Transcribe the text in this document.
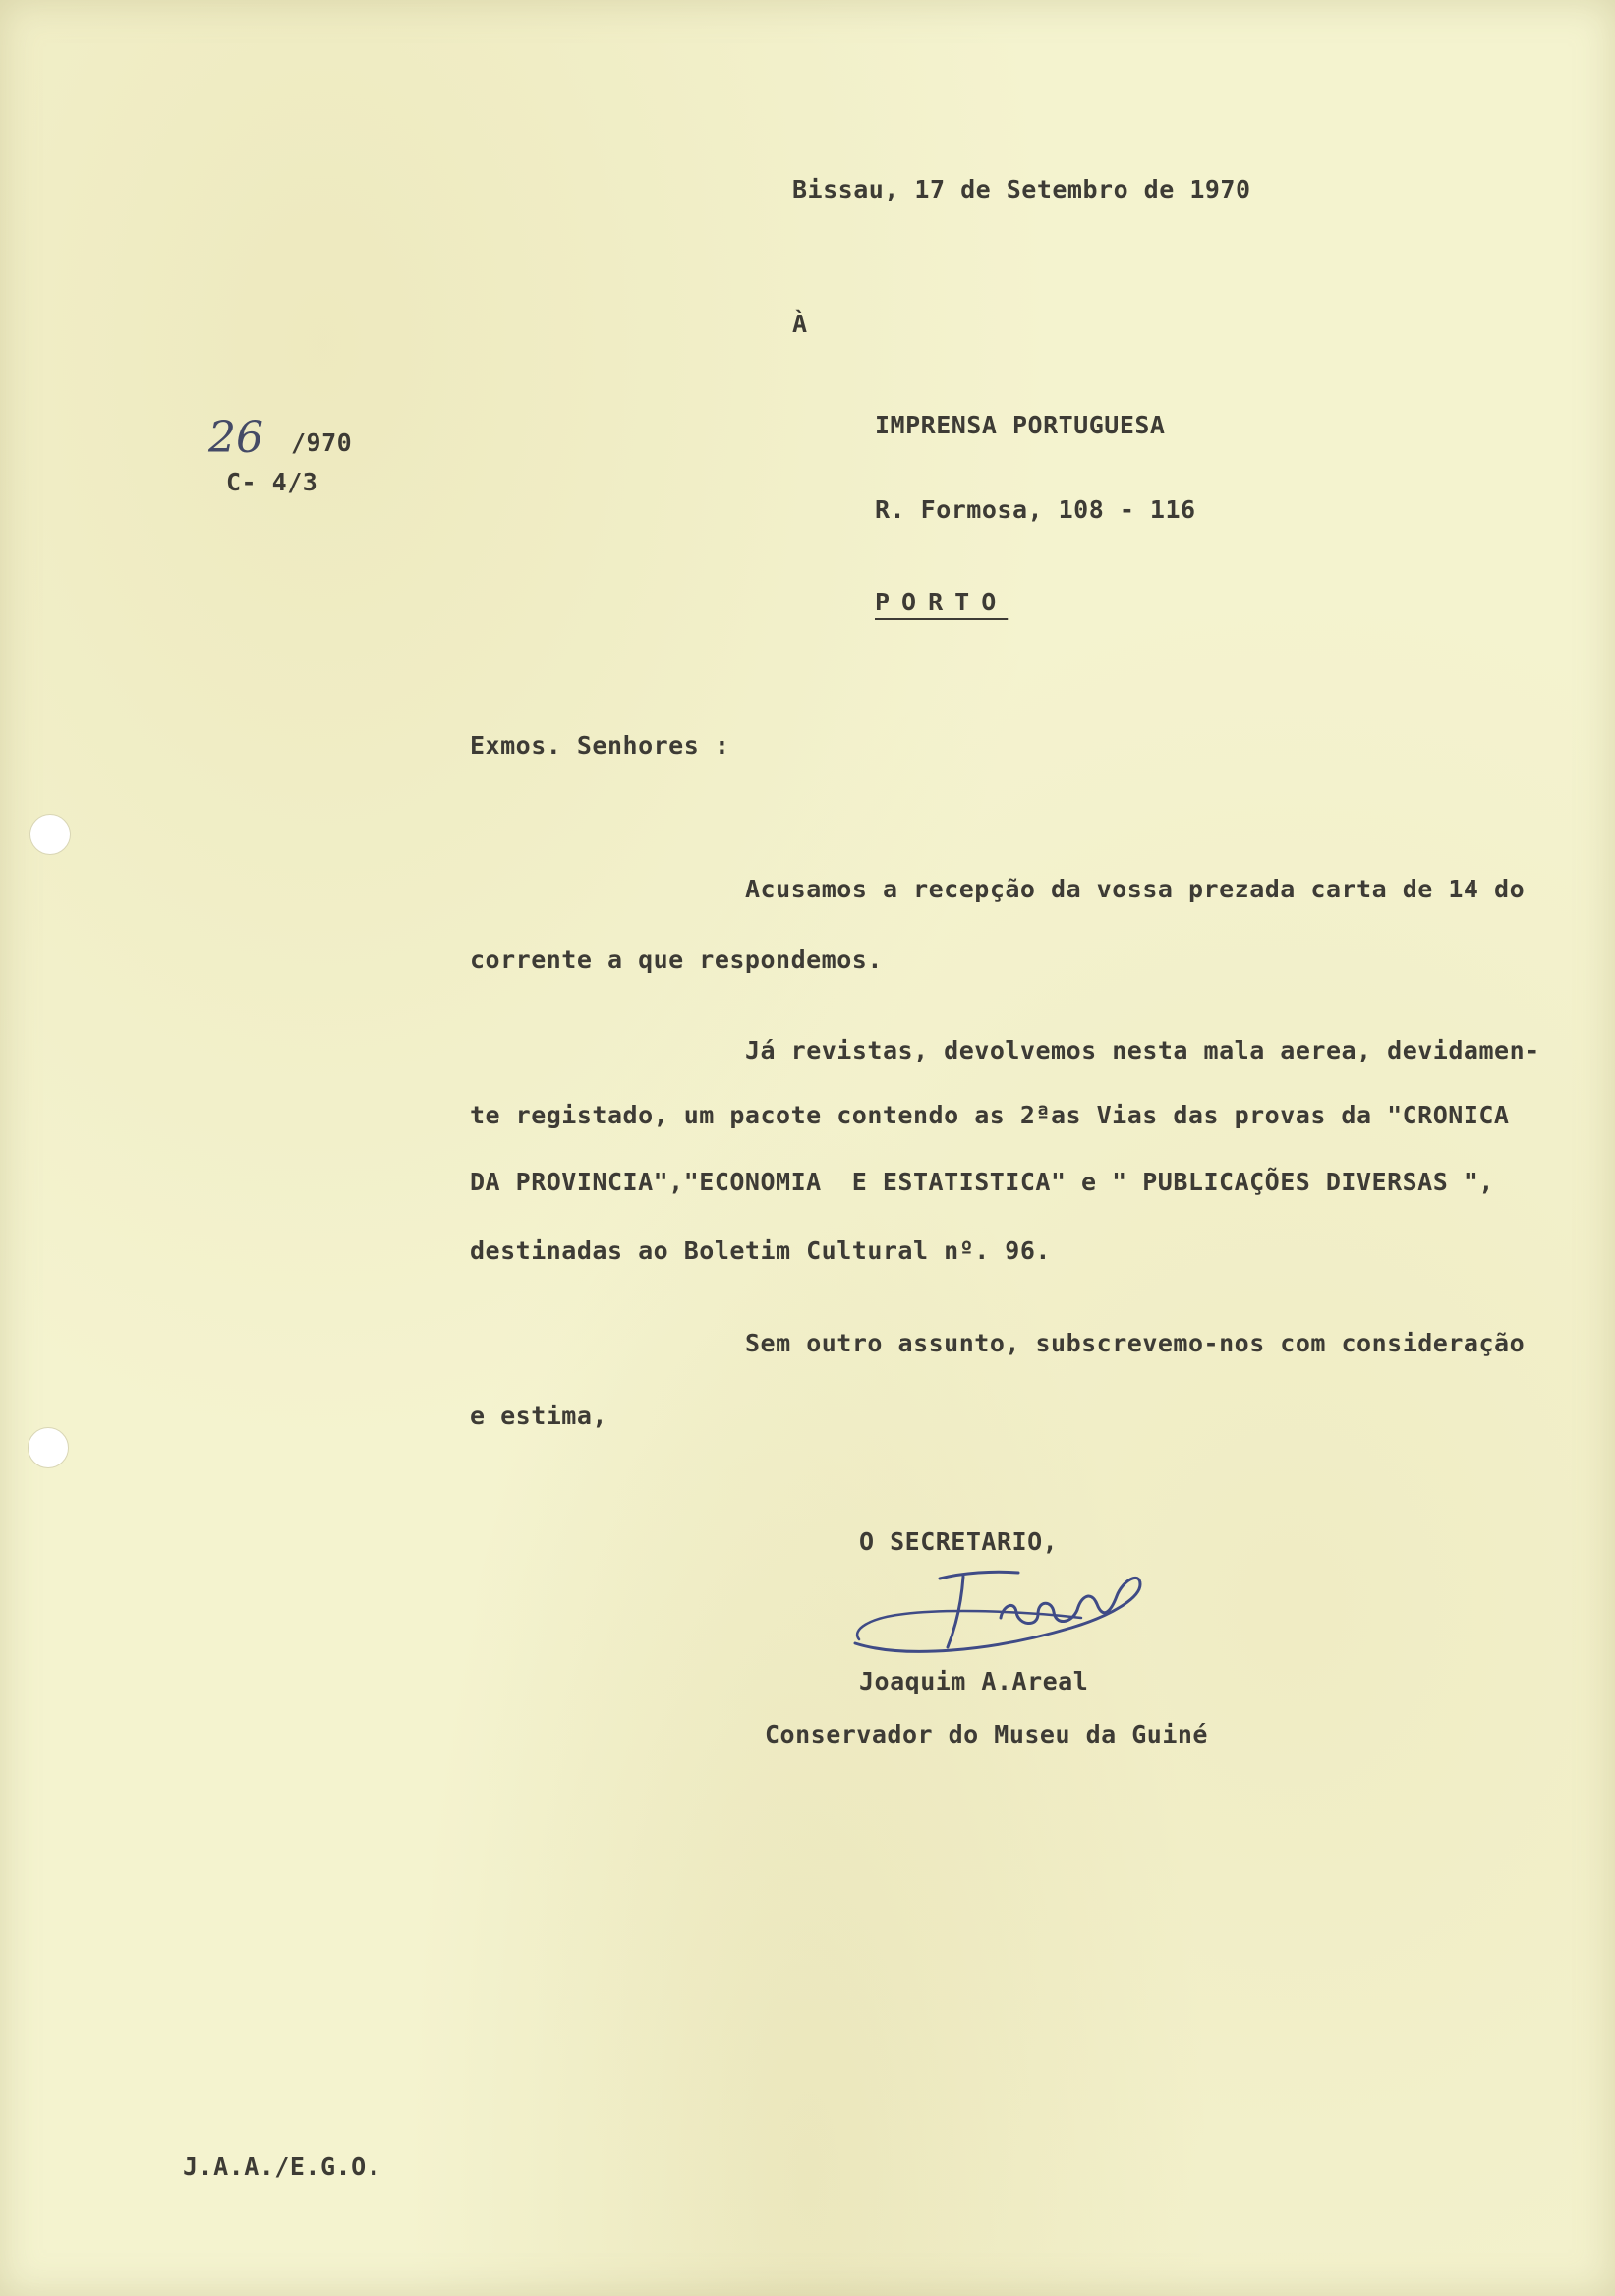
Bissau, 17 de Setembro de 1970
À
26 /970
C- 4/3
IMPRENSA PORTUGUESA
R. Formosa, 108 - 116
PORTO
Exmos. Senhores :
Acusamos a recepção da vossa prezada carta de 14 do
corrente a que respondemos.
Já revistas, devolvemos nesta mala aerea, devidamen-
te registado, um pacote contendo as 2ªas Vias das provas da "CRONICA
DA PROVINCIA","ECONOMIA  E ESTATISTICA" e " PUBLICAÇÕES DIVERSAS ",
destinadas ao Boletim Cultural nº. 96.
Sem outro assunto, subscrevemo-nos com consideração
e estima,
O SECRETARIO,
Joaquim A.Areal
Conservador do Museu da Guiné
J.A.A./E.G.O.
